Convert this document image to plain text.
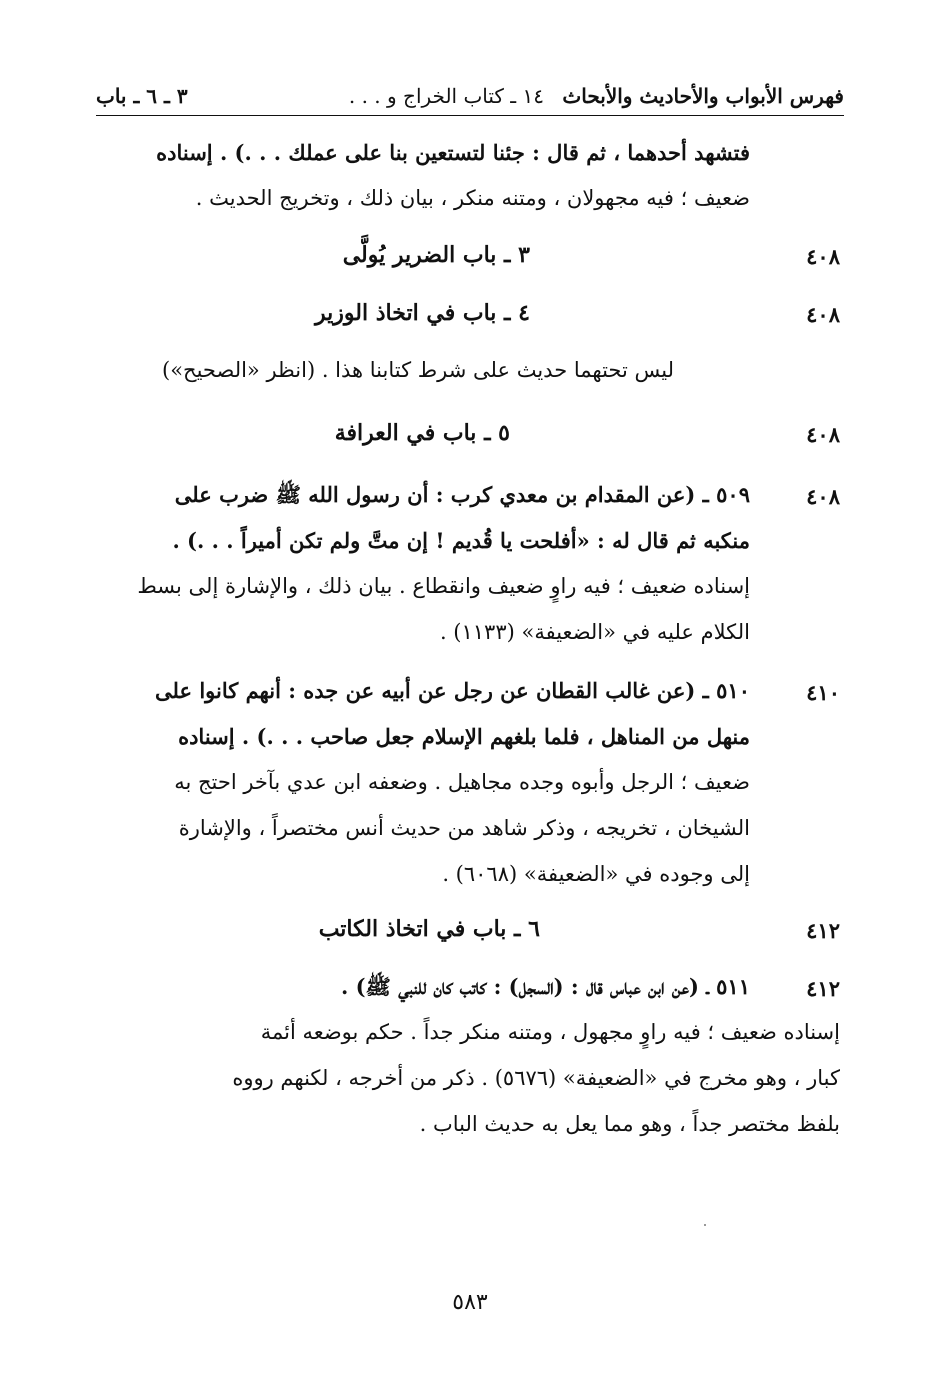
فهرس الأبواب والأحاديث والأبحاث
١٤ ـ كتاب الخراج و . . .
٣ ـ ٦ ـ باب
فتشهد أحدهما ، ثم قال : جئنا لتستعين بنا على عملك . . .) . إسناده
ضعيف ؛ فيه مجهولان ، ومتنه منكر ، بيان ذلك ، وتخريج الحديث .
٤٠٨
٣ ـ باب الضرير يُولَّى
٤٠٨
٤ ـ باب في اتخاذ الوزير
ليس تحتهما حديث على شرط كتابنا هذا . (انظر «الصحيح»)
٤٠٨
٥ ـ باب في العرافة
٤٠٨
٥٠٩ ـ (عن المقدام بن معدي كرب : أن رسول الله ﷺ ضرب على
منكبه ثم قال له : «أفلحت يا قُديم ! إن متَّ ولم تكن أميراً . . .) .
إسناده ضعيف ؛ فيه راوٍ ضعيف وانقطاع . بيان ذلك ، والإشارة إلى بسط
الكلام عليه في «الضعيفة» (١١٣٣) .
٤١٠
٥١٠ ـ (عن غالب القطان عن رجل عن أبيه عن جده : أنهم كانوا على
منهل من المناهل ، فلما بلغهم الإسلام جعل صاحب . . .) . إسناده
ضعيف ؛ الرجل وأبوه وجده مجاهيل . وضعفه ابن عدي بآخر احتج به
الشيخان ، تخريجه ، وذكر شاهد من حديث أنس مختصراً ، والإشارة
إلى وجوده في «الضعيفة» (٦٠٦٨) .
٤١٢
٦ ـ باب في اتخاذ الكاتب
٤١٢
٥١١ ـ (عن ابن عباس قال : (السجل) : كاتب كان للنبي ﷺ) .
إسناده ضعيف ؛ فيه راوٍ مجهول ، ومتنه منكر جداً . حكم بوضعه أئمة
كبار ، وهو مخرج في «الضعيفة» (٥٦٧٦) . ذكر من أخرجه ، لكنهم رووه
بلفظ مختصر جداً ، وهو مما يعل به حديث الباب .
٥٨٣
